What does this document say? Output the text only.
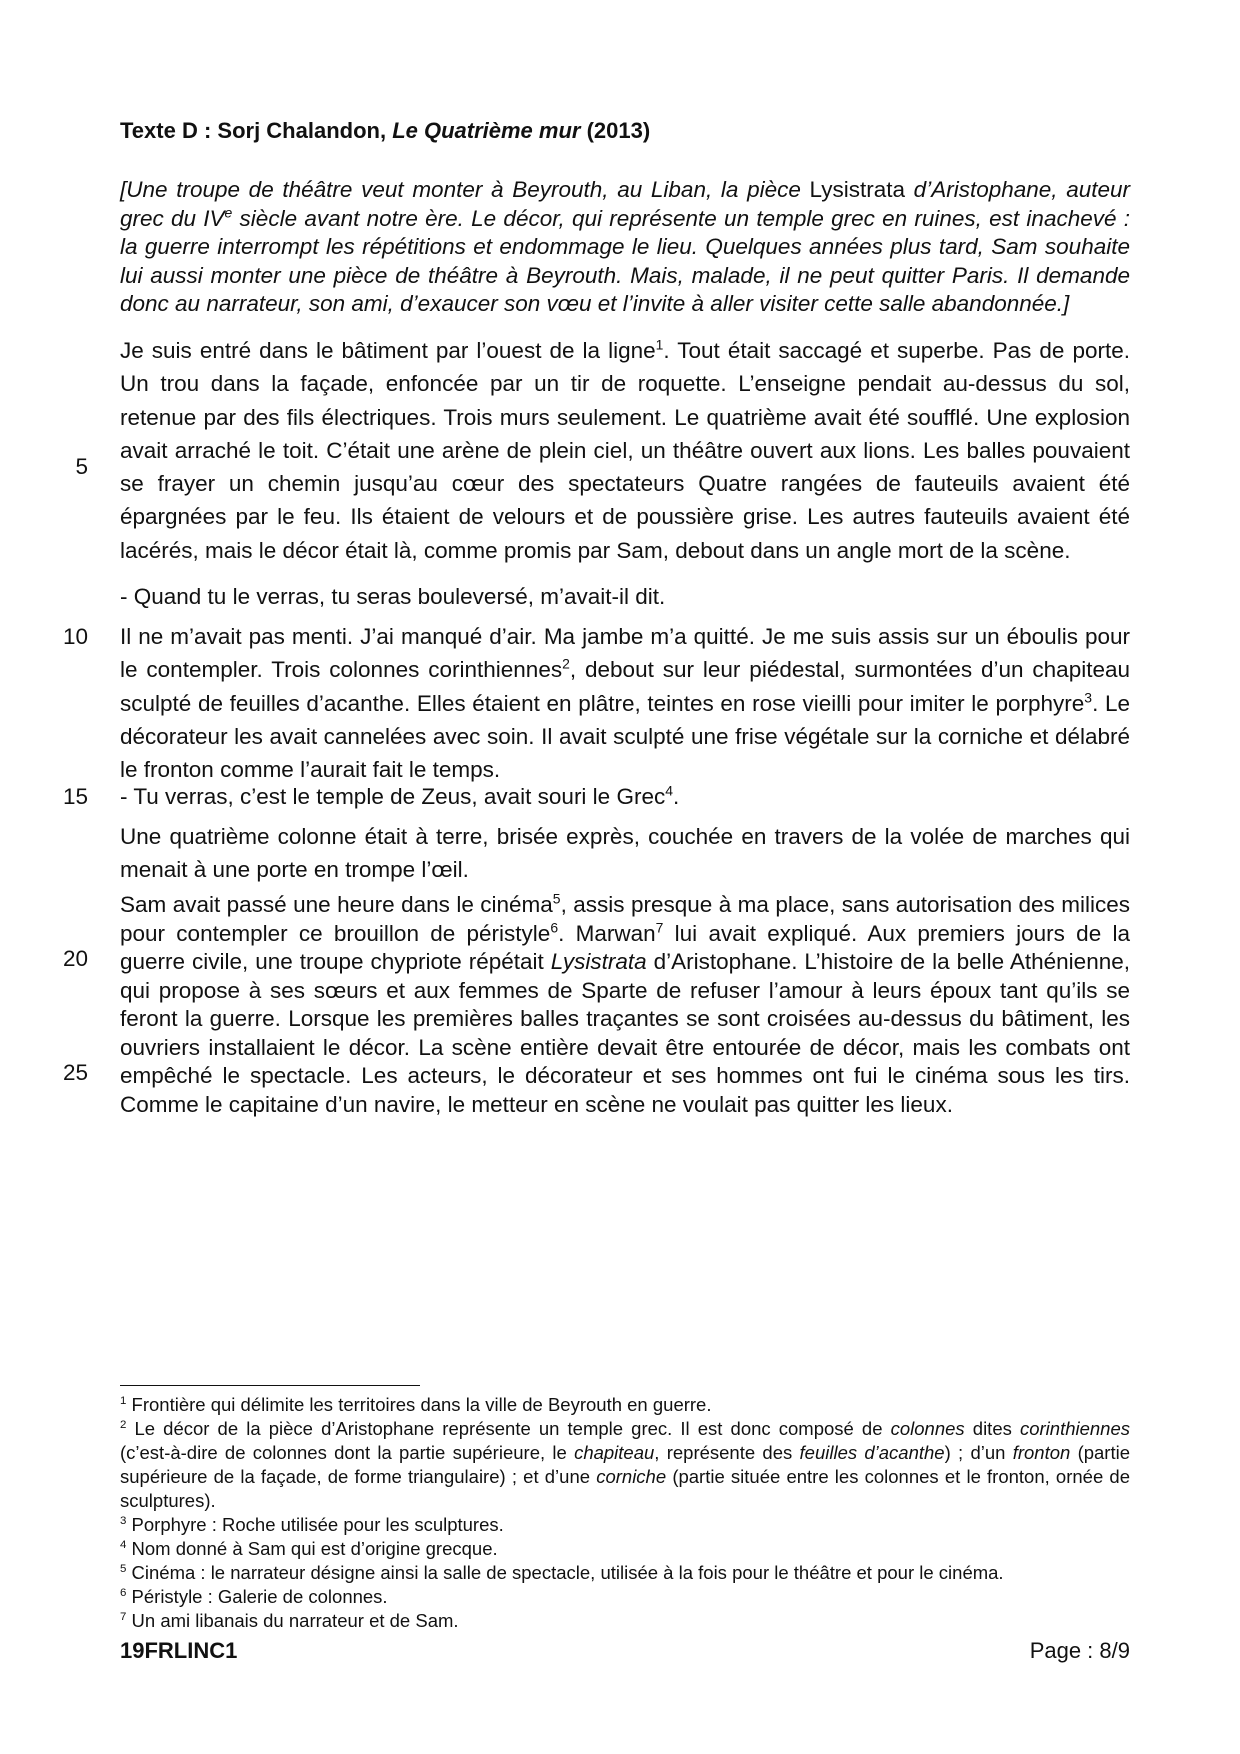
Texte D : Sorj Chalandon, Le Quatrième mur (2013)

[Une troupe de théâtre veut monter à Beyrouth, au Liban, la pièce Lysistrata d’Aristophane, auteur grec du IVe siècle avant notre ère. Le décor, qui représente un temple grec en ruines, est inachevé : la guerre interrompt les répétitions et endommage le lieu. Quelques années plus tard, Sam souhaite lui aussi monter une pièce de théâtre à Beyrouth. Mais, malade, il ne peut quitter Paris. Il demande donc au narrateur, son ami, d’exaucer son vœu et l’invite à aller visiter cette salle abandonnée.]

Je suis entré dans le bâtiment par l’ouest de la ligne$^1$. Tout était saccagé et superbe. Pas de porte. Un trou dans la façade, enfoncée par un tir de roquette. L’enseigne pendait au-dessus du sol, retenue par des fils électriques. Trois murs seulement. Le quatrième avait été soufflé. Une explosion avait arraché le toit. C’était une arène de plein ciel, un théâtre ouvert aux lions. Les balles pouvaient se frayer un chemin jusqu’au cœur des spectateurs Quatre rangées de fauteuils avaient été épargnées par le feu. Ils étaient de velours et de poussière grise. Les autres fauteuils avaient été lacérés, mais le décor était là, comme promis par Sam, debout dans un angle mort de la scène.

- Quand tu le verras, tu seras bouleversé, m’avait-il dit.

Il ne m’avait pas menti. J’ai manqué d’air. Ma jambe m’a quitté. Je me suis assis sur un éboulis pour le contempler. Trois colonnes corinthiennes$^2$, debout sur leur piédestal, surmontées d’un chapiteau sculpté de feuilles d’acanthe. Elles étaient en plâtre, teintes en rose vieilli pour imiter le porphyre$^3$. Le décorateur les avait cannelées avec soin. Il avait sculpté une frise végétale sur la corniche et délabré le fronton comme l’aurait fait le temps.

- Tu verras, c’est le temple de Zeus, avait souri le Grec$^4$.

Une quatrième colonne était à terre, brisée exprès, couchée en travers de la volée de marches qui menait à une porte en trompe l’œil.

Sam avait passé une heure dans le cinéma$^5$, assis presque à ma place, sans autorisation des milices pour contempler ce brouillon de péristyle$^6$. Marwan$^7$ lui avait expliqué. Aux premiers jours de la guerre civile, une troupe chypriote répétait Lysistrata d’Aristophane. L’histoire de la belle Athénienne, qui propose à ses sœurs et aux femmes de Sparte de refuser l’amour à leurs époux tant qu’ils se feront la guerre. Lorsque les premières balles traçantes se sont croisées au-dessus du bâtiment, les ouvriers installaient le décor. La scène entière devait être entourée de décor, mais les combats ont empêché le spectacle. Les acteurs, le décorateur et ses hommes ont fui le cinéma sous les tirs. Comme le capitaine d’un navire, le metteur en scène ne voulait pas quitter les lieux.

5
10
15
20
25

$^1$ Frontière qui délimite les territoires dans la ville de Beyrouth en guerre.

$^2$ Le décor de la pièce d’Aristophane représente un temple grec. Il est donc composé de colonnes dites corinthiennes (c’est-à-dire de colonnes dont la partie supérieure, le chapiteau, représente des feuilles d’acanthe) ; d’un fronton (partie supérieure de la façade, de forme triangulaire) ; et d’une corniche (partie située entre les colonnes et le fronton, ornée de sculptures).

$^3$ Porphyre : Roche utilisée pour les sculptures.

$^4$ Nom donné à Sam qui est d’origine grecque.

$^5$ Cinéma : le narrateur désigne ainsi la salle de spectacle, utilisée à la fois pour le théâtre et pour le cinéma.

$^6$ Péristyle : Galerie de colonnes.

$^7$ Un ami libanais du narrateur et de Sam.

19FRLINC1	Page : 8/9
